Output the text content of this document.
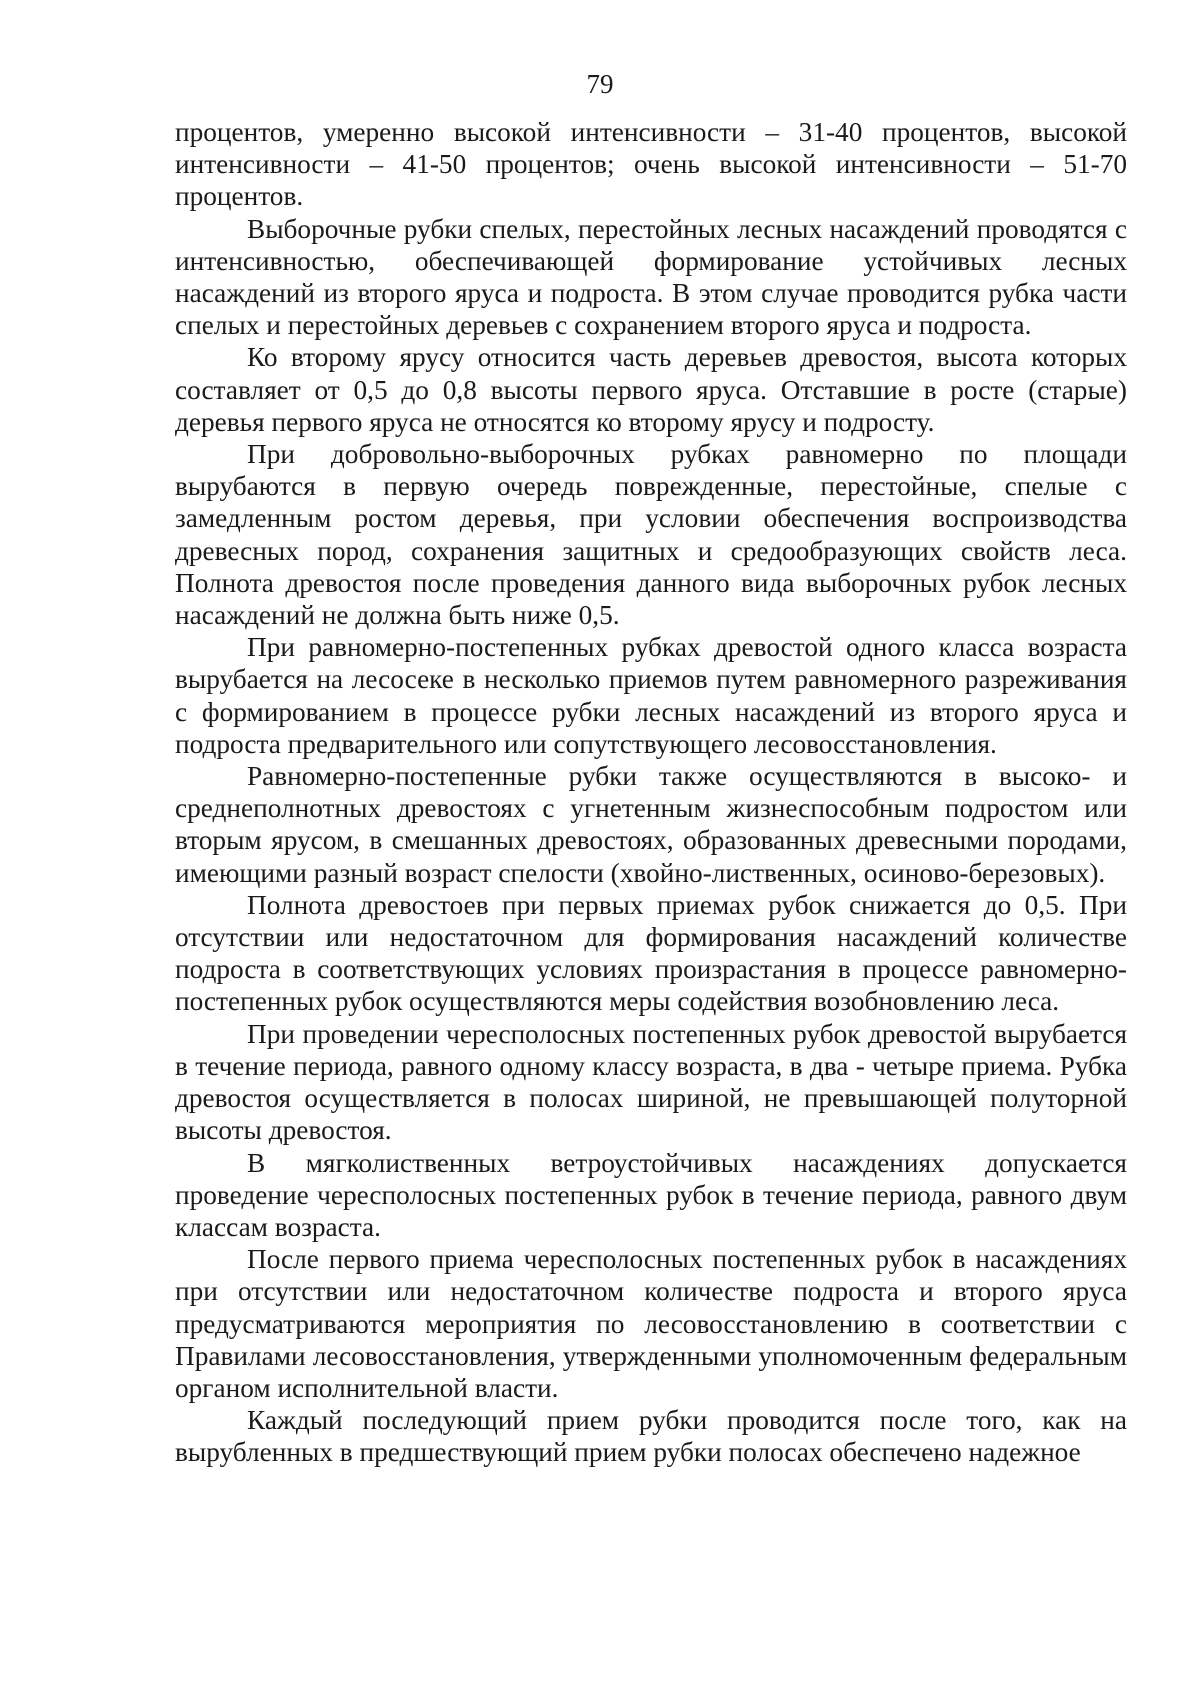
79

процентов, умеренно высокой интенсивности – 31-40 процентов, высокой интенсивности – 41-50 процентов; очень высокой интенсивности – 51-70 процентов.

Выборочные рубки спелых, перестойных лесных насаждений проводятся с интенсивностью, обеспечивающей формирование устойчивых лесных насаждений из второго яруса и подроста. В этом случае проводится рубка части спелых и перестойных деревьев с сохранением второго яруса и подроста.

Ко второму ярусу относится часть деревьев древостоя, высота которых составляет от 0,5 до 0,8 высоты первого яруса. Отставшие в росте (старые) деревья первого яруса не относятся ко второму ярусу и подросту.

При добровольно-выборочных рубках равномерно по площади вырубаются в первую очередь поврежденные, перестойные, спелые с замедленным ростом деревья, при условии обеспечения воспроизводства древесных пород, сохранения защитных и средообразующих свойств леса. Полнота древостоя после проведения данного вида выборочных рубок лесных насаждений не должна быть ниже 0,5.

При равномерно-постепенных рубках древостой одного класса возраста вырубается на лесосеке в несколько приемов путем равномерного разреживания с формированием в процессе рубки лесных насаждений из второго яруса и подроста предварительного или сопутствующего лесовосстановления.

Равномерно-постепенные рубки также осуществляются в высоко- и среднеполнотных древостоях с угнетенным жизнеспособным подростом или вторым ярусом, в смешанных древостоях, образованных древесными породами, имеющими разный возраст спелости (хвойно-лиственных, осиново-березовых).

Полнота древостоев при первых приемах рубок снижается до 0,5. При отсутствии или недостаточном для формирования насаждений количестве подроста в соответствующих условиях произрастания в процессе равномерно-постепенных рубок осуществляются меры содействия возобновлению леса.

При проведении чересполосных постепенных рубок древостой вырубается в течение периода, равного одному классу возраста, в два - четыре приема. Рубка древостоя осуществляется в полосах шириной, не превышающей полуторной высоты древостоя.

В мягколиственных ветроустойчивых насаждениях допускается проведение чересполосных постепенных рубок в течение периода, равного двум классам возраста.

После первого приема чересполосных постепенных рубок в насаждениях при отсутствии или недостаточном количестве подроста и второго яруса предусматриваются мероприятия по лесовосстановлению в соответствии с Правилами лесовосстановления, утвержденными уполномоченным федеральным органом исполнительной власти.

Каждый последующий прием рубки проводится после того, как на вырубленных в предшествующий прием рубки полосах обеспечено надежное
